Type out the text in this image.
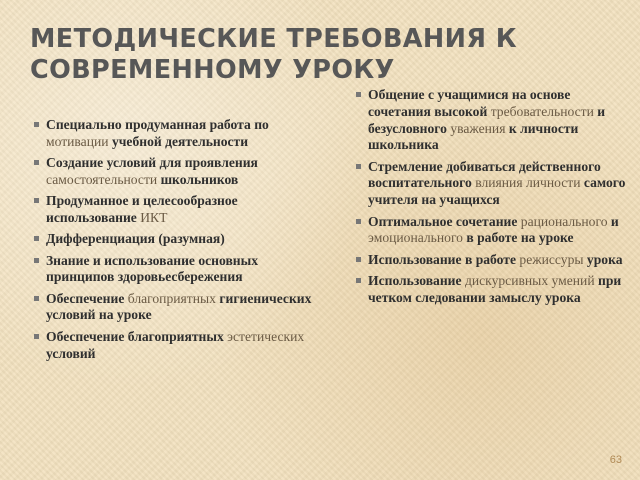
МЕТОДИЧЕСКИЕ ТРЕБОВАНИЯ К СОВРЕМЕННОМУ УРОКУ
Специально продуманная работа по мотивации учебной деятельности
Создание условий для проявления самостоятельности школьников
Продуманное и целесообразное использование ИКТ
Дифференциация (разумная)
Знание и использование основных принципов здоровьесбережения
Обеспечение благоприятных гигиенических условий на уроке
Обеспечение благоприятных эстетических условий
Общение с учащимися на основе сочетания высокой требовательности и безусловного уважения к личности школьника
Стремление добиваться действенного воспитательного влияния личности самого учителя на учащихся
Оптимальное сочетание рационального и эмоционального в работе на уроке
Использование в работе режиссуры урока
Использование дискурсивных умений при четком следовании замыслу урока
63
